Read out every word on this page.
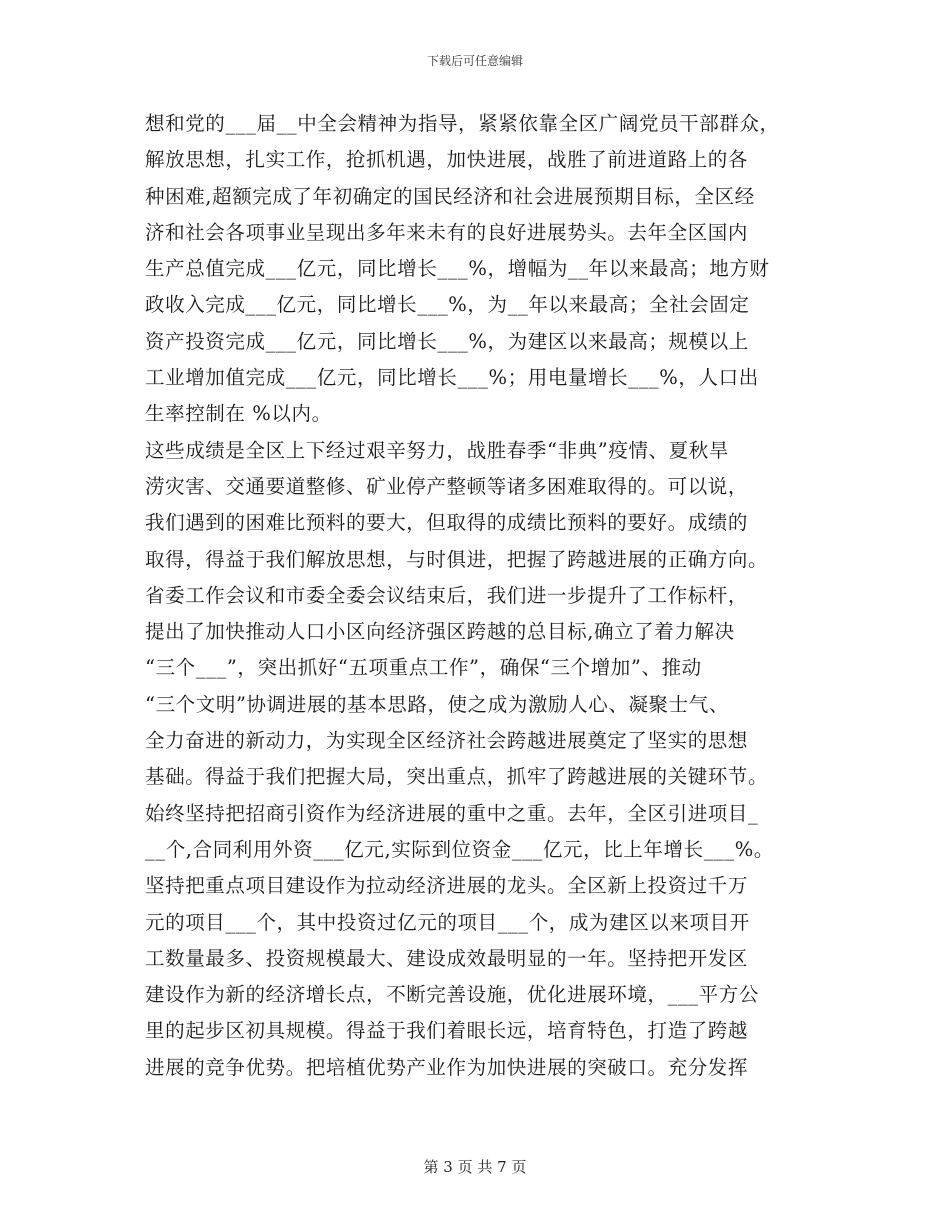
下载后可任意编辑
想和党的___届__中全会精神为指导，紧紧依靠全区广阔党员干部群众，
解放思想，扎实工作，抢抓机遇，加快进展，战胜了前进道路上的各
种困难,超额完成了年初确定的国民经济和社会进展预期目标，全区经
济和社会各项事业呈现出多年来未有的良好进展势头。去年全区国内
生产总值完成___亿元，同比增长___%，增幅为__年以来最高；地方财
政收入完成___亿元，同比增长___%，为__年以来最高；全社会固定
资产投资完成___亿元，同比增长___%，为建区以来最高；规模以上
工业增加值完成___亿元，同比增长___%；用电量增长___%，人口出
生率控制在 %以内。
这些成绩是全区上下经过艰辛努力，战胜春季“非典”疫情、夏秋旱
涝灾害、交通要道整修、矿业停产整顿等诸多困难取得的。可以说，
我们遇到的困难比预料的要大，但取得的成绩比预料的要好。成绩的
取得，得益于我们解放思想，与时俱进，把握了跨越进展的正确方向。
省委工作会议和市委全委会议结束后，我们进一步提升了工作标杆，
提出了加快推动人口小区向经济强区跨越的总目标,确立了着力解决
“三个___”，突出抓好“五项重点工作”，确保“三个增加”、推动
“三个文明”协调进展的基本思路，使之成为激励人心、凝聚士气、
全力奋进的新动力，为实现全区经济社会跨越进展奠定了坚实的思想
基础。得益于我们把握大局，突出重点，抓牢了跨越进展的关键环节。
始终坚持把招商引资作为经济进展的重中之重。去年，全区引进项目_
__个,合同利用外资___亿元,实际到位资金___亿元，比上年增长___%。
坚持把重点项目建设作为拉动经济进展的龙头。全区新上投资过千万
元的项目___个，其中投资过亿元的项目___个，成为建区以来项目开
工数量最多、投资规模最大、建设成效最明显的一年。坚持把开发区
建设作为新的经济增长点，不断完善设施，优化进展环境，___平方公
里的起步区初具规模。得益于我们着眼长远，培育特色，打造了跨越
进展的竞争优势。把培植优势产业作为加快进展的突破口。充分发挥
第 3 页 共 7 页
